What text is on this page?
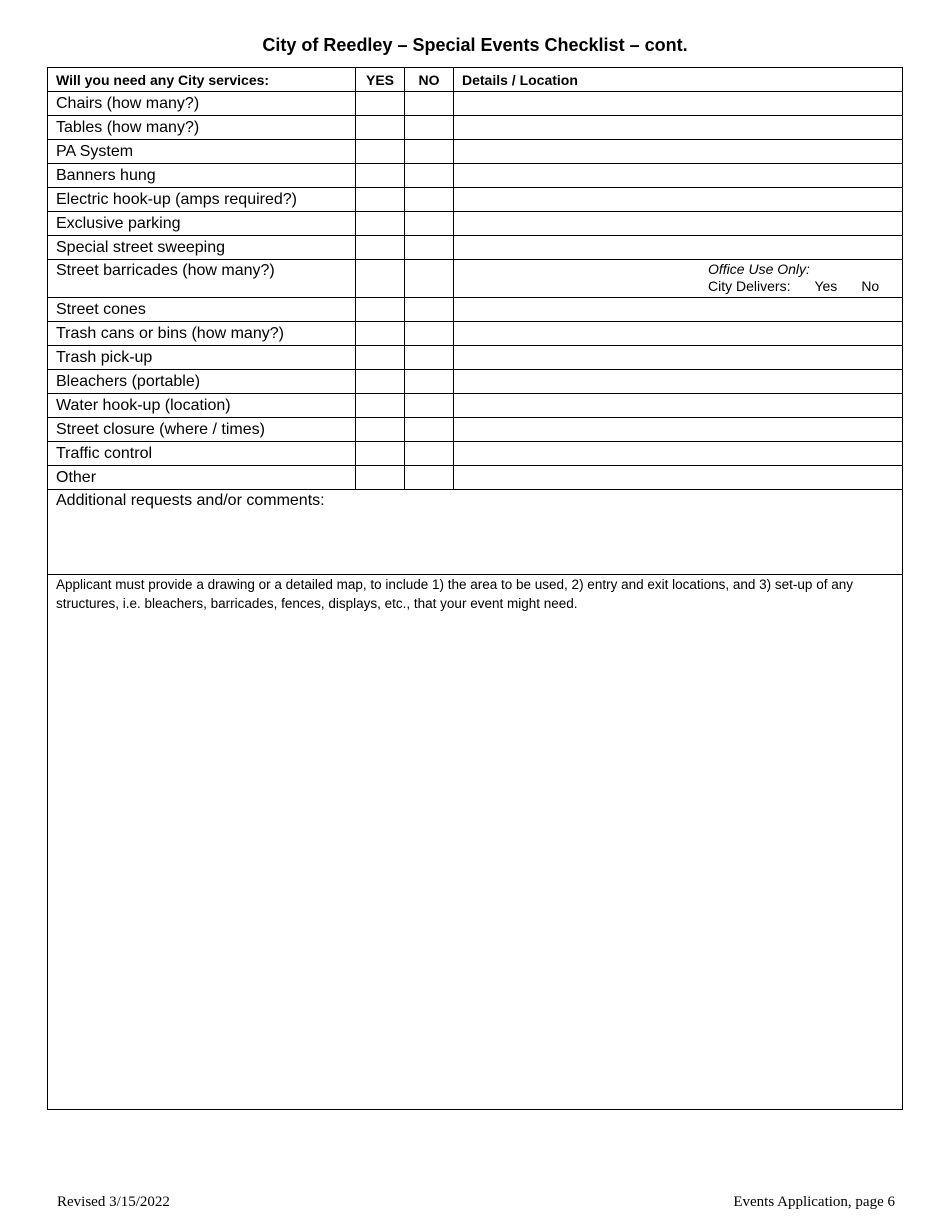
City of Reedley – Special Events Checklist – cont.
Will you need any City services:	YES	NO	Details / Location
Chairs (how many?)			
Tables (how many?)			
PA System			
Banners hung			
Electric hook-up (amps required?)			
Exclusive parking			
Special street sweeping			
Street barricades (how many?)			Office Use Only:
City Delivers: Yes No

Street cones			
Trash cans or bins (how many?)			
Trash pick-up			
Bleachers (portable)			
Water hook-up (location)			
Street closure (where / times)			
Traffic control			
Other			
Additional requests and/or comments:			
Applicant must provide a drawing or a detailed map, to include 1) the area to be used, 2) entry and exit locations, and 3) set-up of any structures, i.e. bleachers, barricades, fences, displays, etc., that your event might need.			
Revised 3/15/2022	Events Application, page 6
